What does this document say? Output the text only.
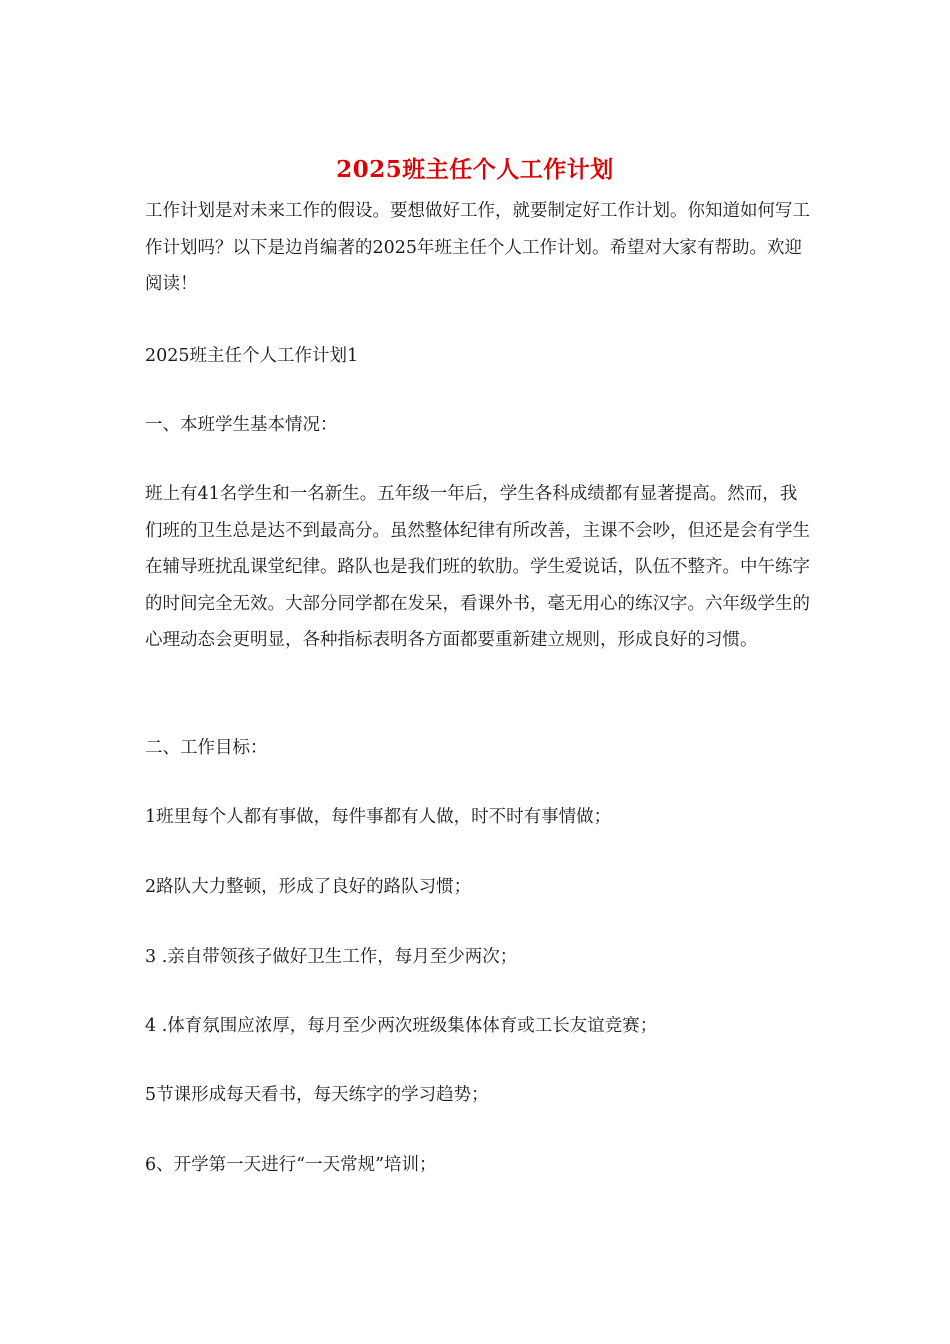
2025班主任个人工作计划

工作计划是对未来工作的假设。要想做好工作，就要制定好工作计划。你知道如何写工作计划吗？以下是边肖编著的2025年班主任个人工作计划。希望对大家有帮助。欢迎阅读！

2025班主任个人工作计划1

一、本班学生基本情况：

班上有41名学生和一名新生。五年级一年后，学生各科成绩都有显著提高。然而，我们班的卫生总是达不到最高分。虽然整体纪律有所改善，主课不会吵，但还是会有学生在辅导班扰乱课堂纪律。路队也是我们班的软肋。学生爱说话，队伍不整齐。中午练字的时间完全无效。大部分同学都在发呆，看课外书，毫无用心的练汉字。六年级学生的心理动态会更明显，各种指标表明各方面都要重新建立规则，形成良好的习惯。

二、工作目标：

1班里每个人都有事做，每件事都有人做，时不时有事情做；

2路队大力整顿，形成了良好的路队习惯；

3 .亲自带领孩子做好卫生工作，每月至少两次；

4 .体育氛围应浓厚，每月至少两次班级集体体育或工长友谊竞赛；

5节课形成每天看书，每天练字的学习趋势；

6、开学第一天进行“一天常规”培训；
